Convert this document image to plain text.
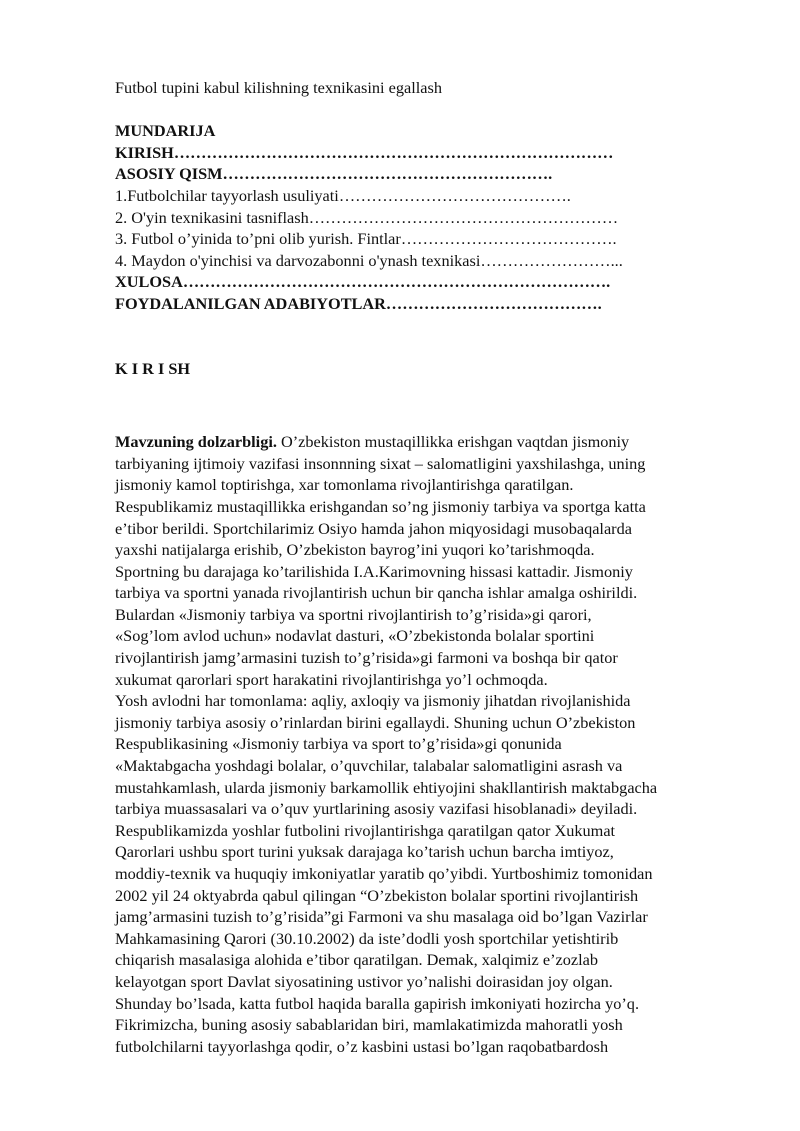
Futbol tupini kabul kilishning texnikasini egallash
MUNDARIJA
KIRISH………………………………………………………………………
ASOSIY QISM…………………………………………………….
1.Futbolchilar tayyorlash usuliyati…………………………………….
2. O'yin texnikasini tasniflash…………………………………………………
3. Futbol o’yinida to’pni olib yurish. Fintlar………………………………….
4. Maydon o'yinchisi va darvozabonni o'ynash texnikasi……………………...
XULOSA…………………………………………………………………….
FOYDALANILGAN ADABIYOTLAR………………………………….
K I R I SH
Mavzuning dolzarbligi. O’zbekiston mustaqillikka erishgan vaqtdan jismoniy
tarbiyaning ijtimoiy vazifasi insonnning sixat – salomatligini yaxshilashga, uning
jismoniy kamol toptirishga, xar tomonlama rivojlantirishga qaratilgan.
Respublikamiz mustaqillikka erishgandan so’ng jismoniy tarbiya va sportga katta
e’tibor berildi. Sportchilarimiz Osiyo hamda jahon miqyosidagi musobaqalarda
yaxshi natijalarga erishib, O’zbekiston bayrog’ini yuqori ko’tarishmoqda.
Sportning bu darajaga ko’tarilishida I.A.Karimovning hissasi kattadir. Jismoniy
tarbiya va sportni yanada rivojlantirish uchun bir qancha ishlar amalga oshirildi.
Bulardan «Jismoniy tarbiya va sportni rivojlantirish to’g’risida»gi qarori,
«Sog’lom avlod uchun» nodavlat dasturi, «O’zbekistonda bolalar sportini
rivojlantirish jamg’armasini tuzish to’g’risida»gi farmoni va boshqa bir qator
xukumat qarorlari sport harakatini rivojlantirishga yo’l ochmoqda.
Yosh avlodni har tomonlama: aqliy, axloqiy va jismoniy jihatdan rivojlanishida
jismoniy tarbiya asosiy o’rinlardan birini egallaydi. Shuning uchun O’zbekiston
Respublikasining «Jismoniy tarbiya va sport to’g’risida»gi qonunida
«Maktabgacha yoshdagi bolalar, o’quvchilar, talabalar salomatligini asrash va
mustahkamlash, ularda jismoniy barkamollik ehtiyojini shakllantirish maktabgacha
tarbiya muassasalari va o’quv yurtlarining asosiy vazifasi hisoblanadi» deyiladi.
Respublikamizda yoshlar futbolini rivojlantirishga qaratilgan qator Xukumat
Qarorlari ushbu sport turini yuksak darajaga ko’tarish uchun barcha imtiyoz,
moddiy-texnik va huquqiy imkoniyatlar yaratib qo’yibdi. Yurtboshimiz tomonidan
2002 yil 24 oktyabrda qabul qilingan “O’zbekiston bolalar sportini rivojlantirish
jamg’armasini tuzish to’g’risida”gi Farmoni va shu masalaga oid bo’lgan Vazirlar
Mahkamasining Qarori (30.10.2002) da iste’dodli yosh sportchilar yetishtirib
chiqarish masalasiga alohida e’tibor qaratilgan. Demak, xalqimiz e’zozlab
kelayotgan sport Davlat siyosatining ustivor yo’nalishi doirasidan joy olgan.
Shunday bo’lsada, katta futbol haqida baralla gapirish imkoniyati hozircha yo’q.
Fikrimizcha, buning asosiy sabablaridan biri, mamlakatimizda mahoratli yosh
futbolchilarni tayyorlashga qodir, o’z kasbini ustasi bo’lgan raqobatbardosh
